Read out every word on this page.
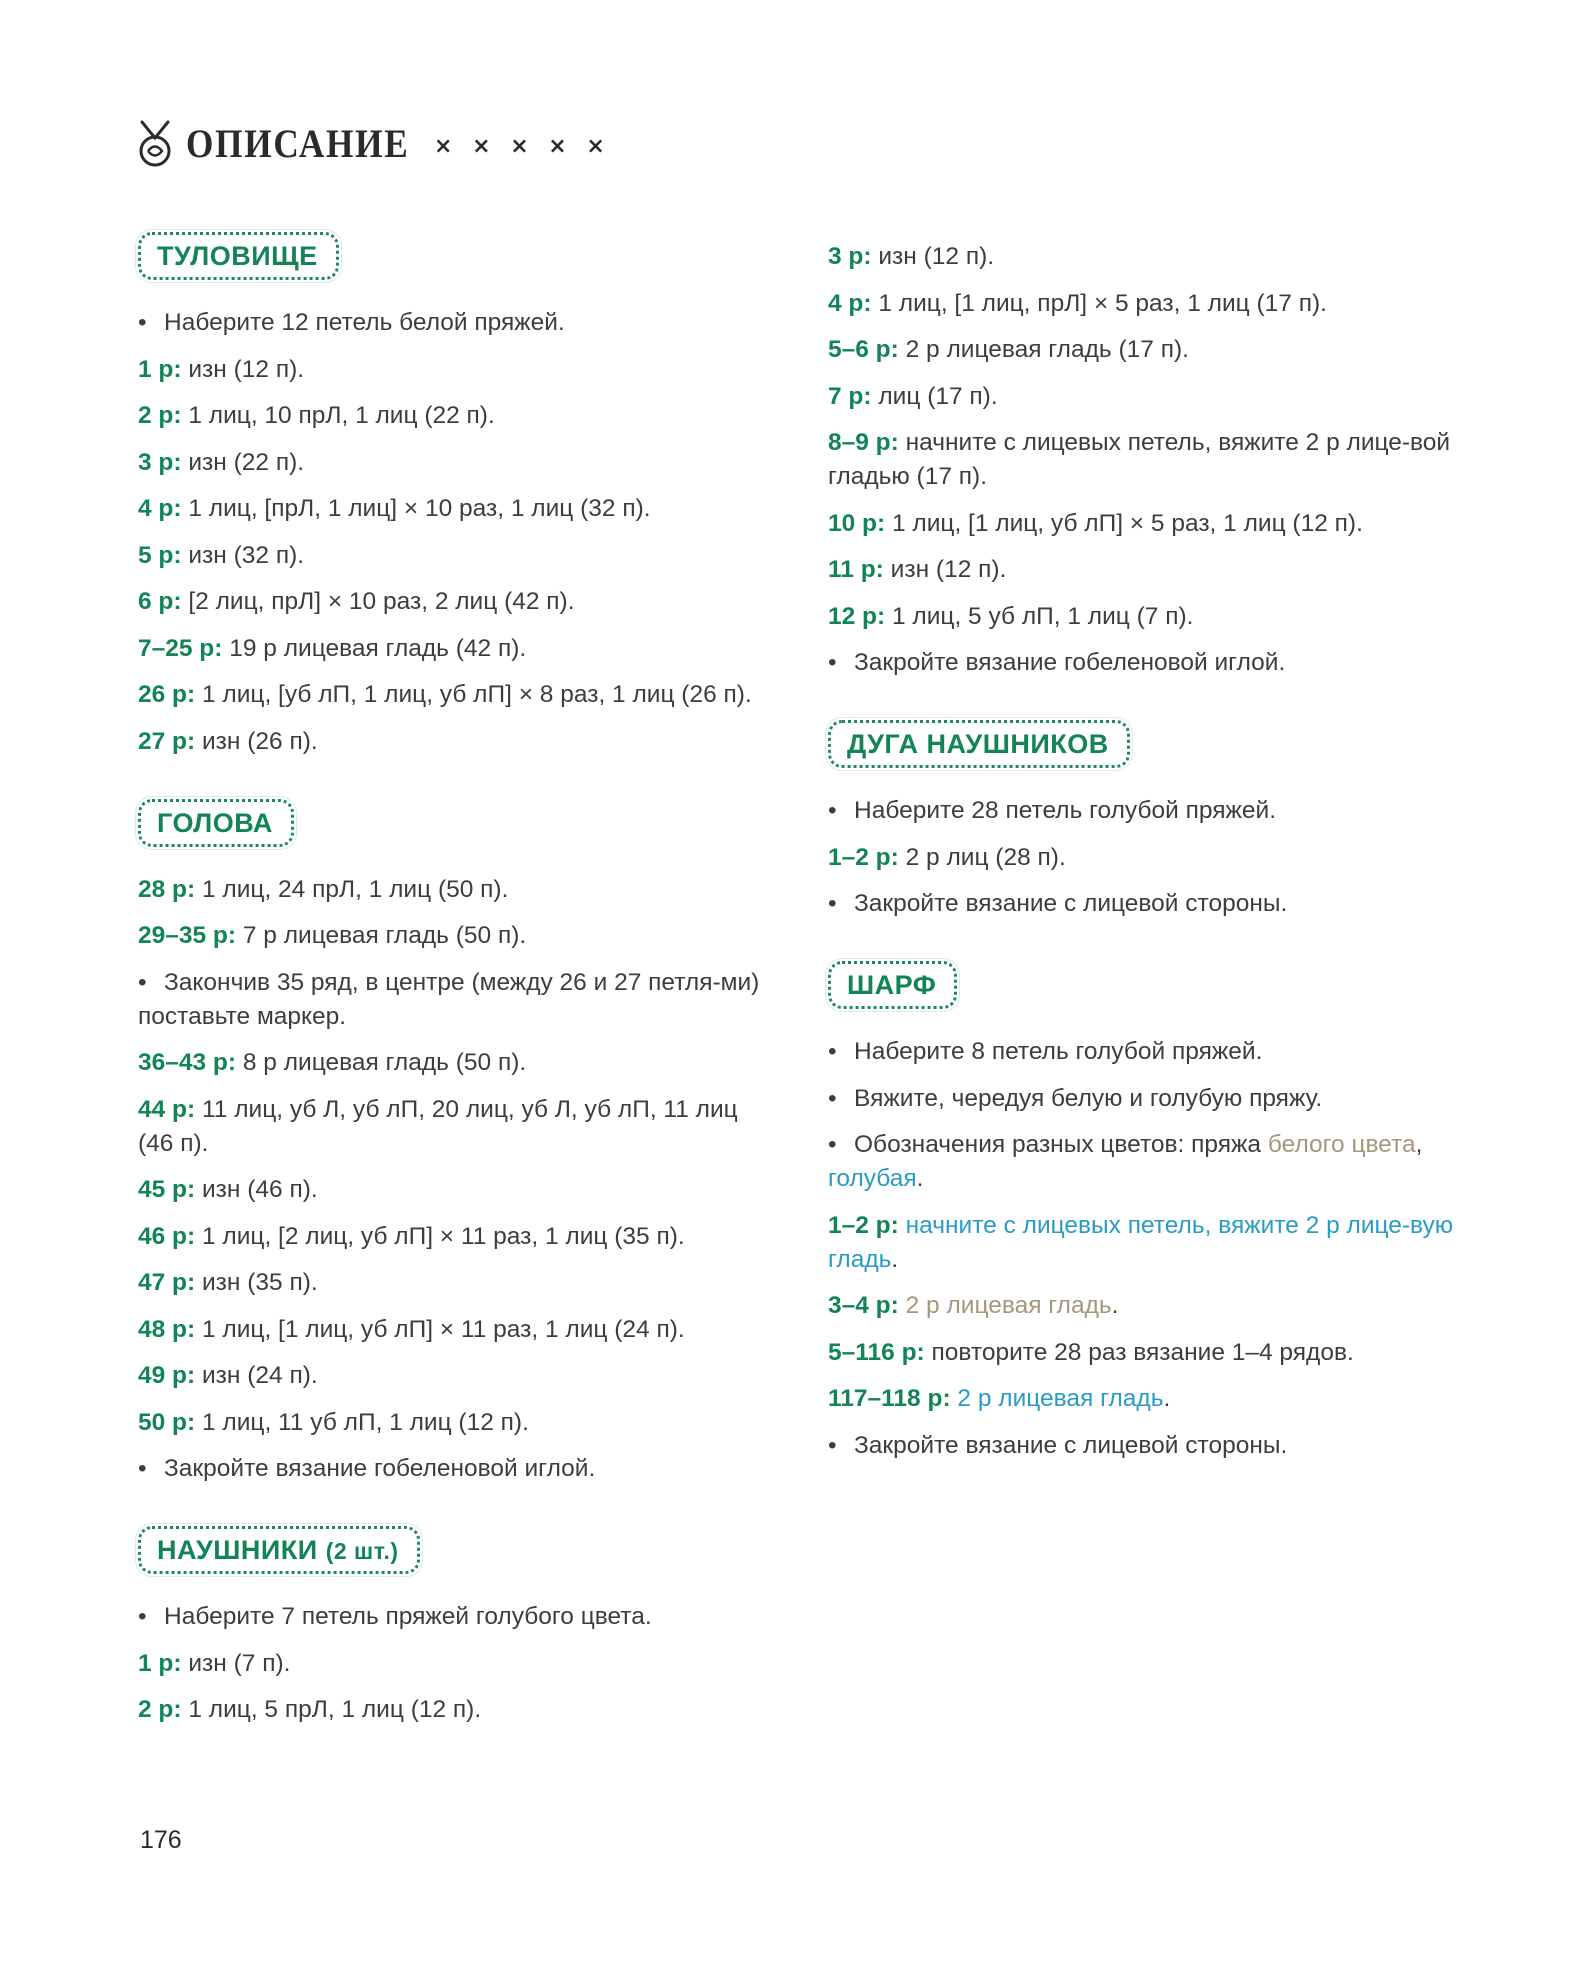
ОПИСАНИЕ × × × × ×
ТУЛОВИЩЕ

• Наберите 12 петель белой пряжей.

1 р: изн (12 п).

2 р: 1 лиц, 10 прЛ, 1 лиц (22 п).

3 р: изн (22 п).

4 р: 1 лиц, [прЛ, 1 лиц] × 10 раз, 1 лиц (32 п).

5 р: изн (32 п).

6 р: [2 лиц, прЛ] × 10 раз, 2 лиц (42 п).

7–25 р: 19 р лицевая гладь (42 п).

26 р: 1 лиц, [уб лП, 1 лиц, уб лП] × 8 раз, 1 лиц (26 п).

27 р: изн (26 п).

ГОЛОВА

28 р: 1 лиц, 24 прЛ, 1 лиц (50 п).

29–35 р: 7 р лицевая гладь (50 п).

• Закончив 35 ряд, в центре (между 26 и 27 петля-ми) поставьте маркер.

36–43 р: 8 р лицевая гладь (50 п).

44 р: 11 лиц, уб Л, уб лП, 20 лиц, уб Л, уб лП, 11 лиц (46 п).

45 р: изн (46 п).

46 р: 1 лиц, [2 лиц, уб лП] × 11 раз, 1 лиц (35 п).

47 р: изн (35 п).

48 р: 1 лиц, [1 лиц, уб лП] × 11 раз, 1 лиц (24 п).

49 р: изн (24 п).

50 р: 1 лиц, 11 уб лП, 1 лиц (12 п).

• Закройте вязание гобеленовой иглой.

НАУШНИКИ (2 шт.)

• Наберите 7 петель пряжей голубого цвета.

1 р: изн (7 п).

2 р: 1 лиц, 5 прЛ, 1 лиц (12 п).

3 р: изн (12 п).

4 р: 1 лиц, [1 лиц, прЛ] × 5 раз, 1 лиц (17 п).

5–6 р: 2 р лицевая гладь (17 п).

7 р: лиц (17 п).

8–9 р: начните с лицевых петель, вяжите 2 р лице-вой гладью (17 п).

10 р: 1 лиц, [1 лиц, уб лП] × 5 раз, 1 лиц (12 п).

11 р: изн (12 п).

12 р: 1 лиц, 5 уб лП, 1 лиц (7 п).

• Закройте вязание гобеленовой иглой.

ДУГА НАУШНИКОВ

• Наберите 28 петель голубой пряжей.

1–2 р: 2 р лиц (28 п).

• Закройте вязание с лицевой стороны.

ШАРФ

• Наберите 8 петель голубой пряжей.

• Вяжите, чередуя белую и голубую пряжу.

• Обозначения разных цветов: пряжа белого цвета, голубая.

1–2 р: начните с лицевых петель, вяжите 2 р лице-вую гладь.

3–4 р: 2 р лицевая гладь.

5–116 р: повторите 28 раз вязание 1–4 рядов.

117–118 р: 2 р лицевая гладь.

• Закройте вязание с лицевой стороны.

176
